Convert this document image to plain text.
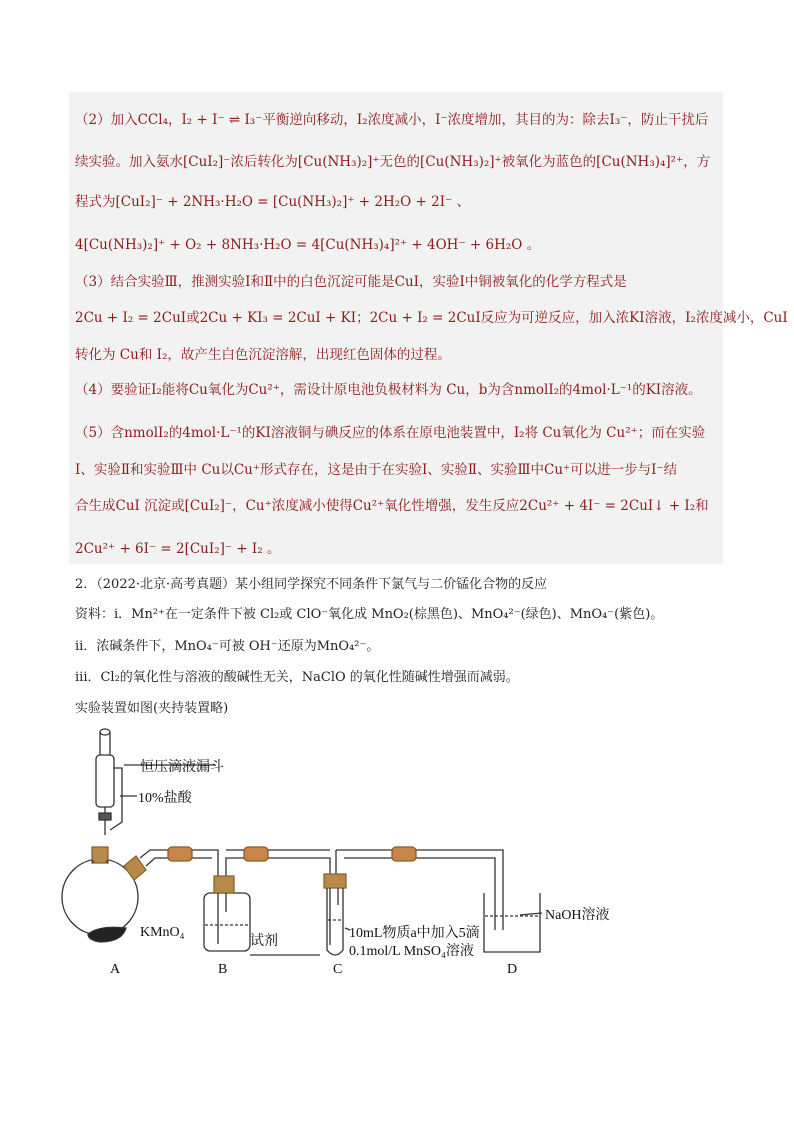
（2）加入CCl₄，I₂ + I⁻ ⇌ I₃⁻平衡逆向移动，I₂浓度减小，I⁻浓度增加，其目的为：除去I₃⁻，防止干扰后
续实验。加入氨水[CuI₂]⁻浓后转化为[Cu(NH₃)₂]⁺无色的[Cu(NH₃)₂]⁺被氧化为蓝色的[Cu(NH₃)₄]²⁺，方
程式为[CuI₂]⁻ + 2NH₃·H₂O = [Cu(NH₃)₂]⁺ + 2H₂O + 2I⁻ 、
4[Cu(NH₃)₂]⁺ + O₂ + 8NH₃·H₂O = 4[Cu(NH₃)₄]²⁺ + 4OH⁻ + 6H₂O 。
（3）结合实验Ⅲ，推测实验Ⅰ和Ⅱ中的白色沉淀可能是CuI，实验Ⅰ中铜被氧化的化学方程式是
2Cu + I₂ = 2CuI或2Cu + KI₃ = 2CuI + KI；2Cu + I₂ = 2CuI反应为可逆反应，加入浓KI溶液，I₂浓度减小，CuI
转化为 Cu和 I₂，故产生白色沉淀溶解，出现红色固体的过程。
（4）要验证I₂能将Cu氧化为Cu²⁺，需设计原电池负极材料为 Cu，b为含nmolI₂的4mol·L⁻¹的KI溶液。
（5）含nmolI₂的4mol·L⁻¹的KI溶液铜与碘反应的体系在原电池装置中，I₂将 Cu氧化为 Cu²⁺；而在实验
Ⅰ、实验Ⅱ和实验Ⅲ中 Cu以Cu⁺形式存在，这是由于在实验Ⅰ、实验Ⅱ、实验Ⅲ中Cu⁺可以进一步与I⁻结
合生成CuI 沉淀或[CuI₂]⁻，Cu⁺浓度减小使得Cu²⁺氧化性增强，发生反应2Cu²⁺ + 4I⁻ = 2CuI↓ + I₂和
2Cu²⁺ + 6I⁻ = 2[CuI₂]⁻ + I₂ 。
2．（2022·北京·高考真题）某小组同学探究不同条件下氯气与二价锰化合物的反应
资料：i．Mn²⁺在一定条件下被 Cl₂或 ClO⁻氧化成 MnO₂(棕黑色)、MnO₄²⁻(绿色)、MnO₄⁻(紫色)。
ii．浓碱条件下，MnO₄⁻可被 OH⁻还原为MnO₄²⁻。
iii．Cl₂的氧化性与溶液的酸碱性无关，NaClO 的氧化性随碱性增强而减弱。
实验装置如图(夹持装置略)
恒压滴液漏斗
10%盐酸
KMnO₄
试剂
10mL物质a中加入5滴
0.1mol/L MnSO₄溶液
NaOH溶液
A	B	C	D
